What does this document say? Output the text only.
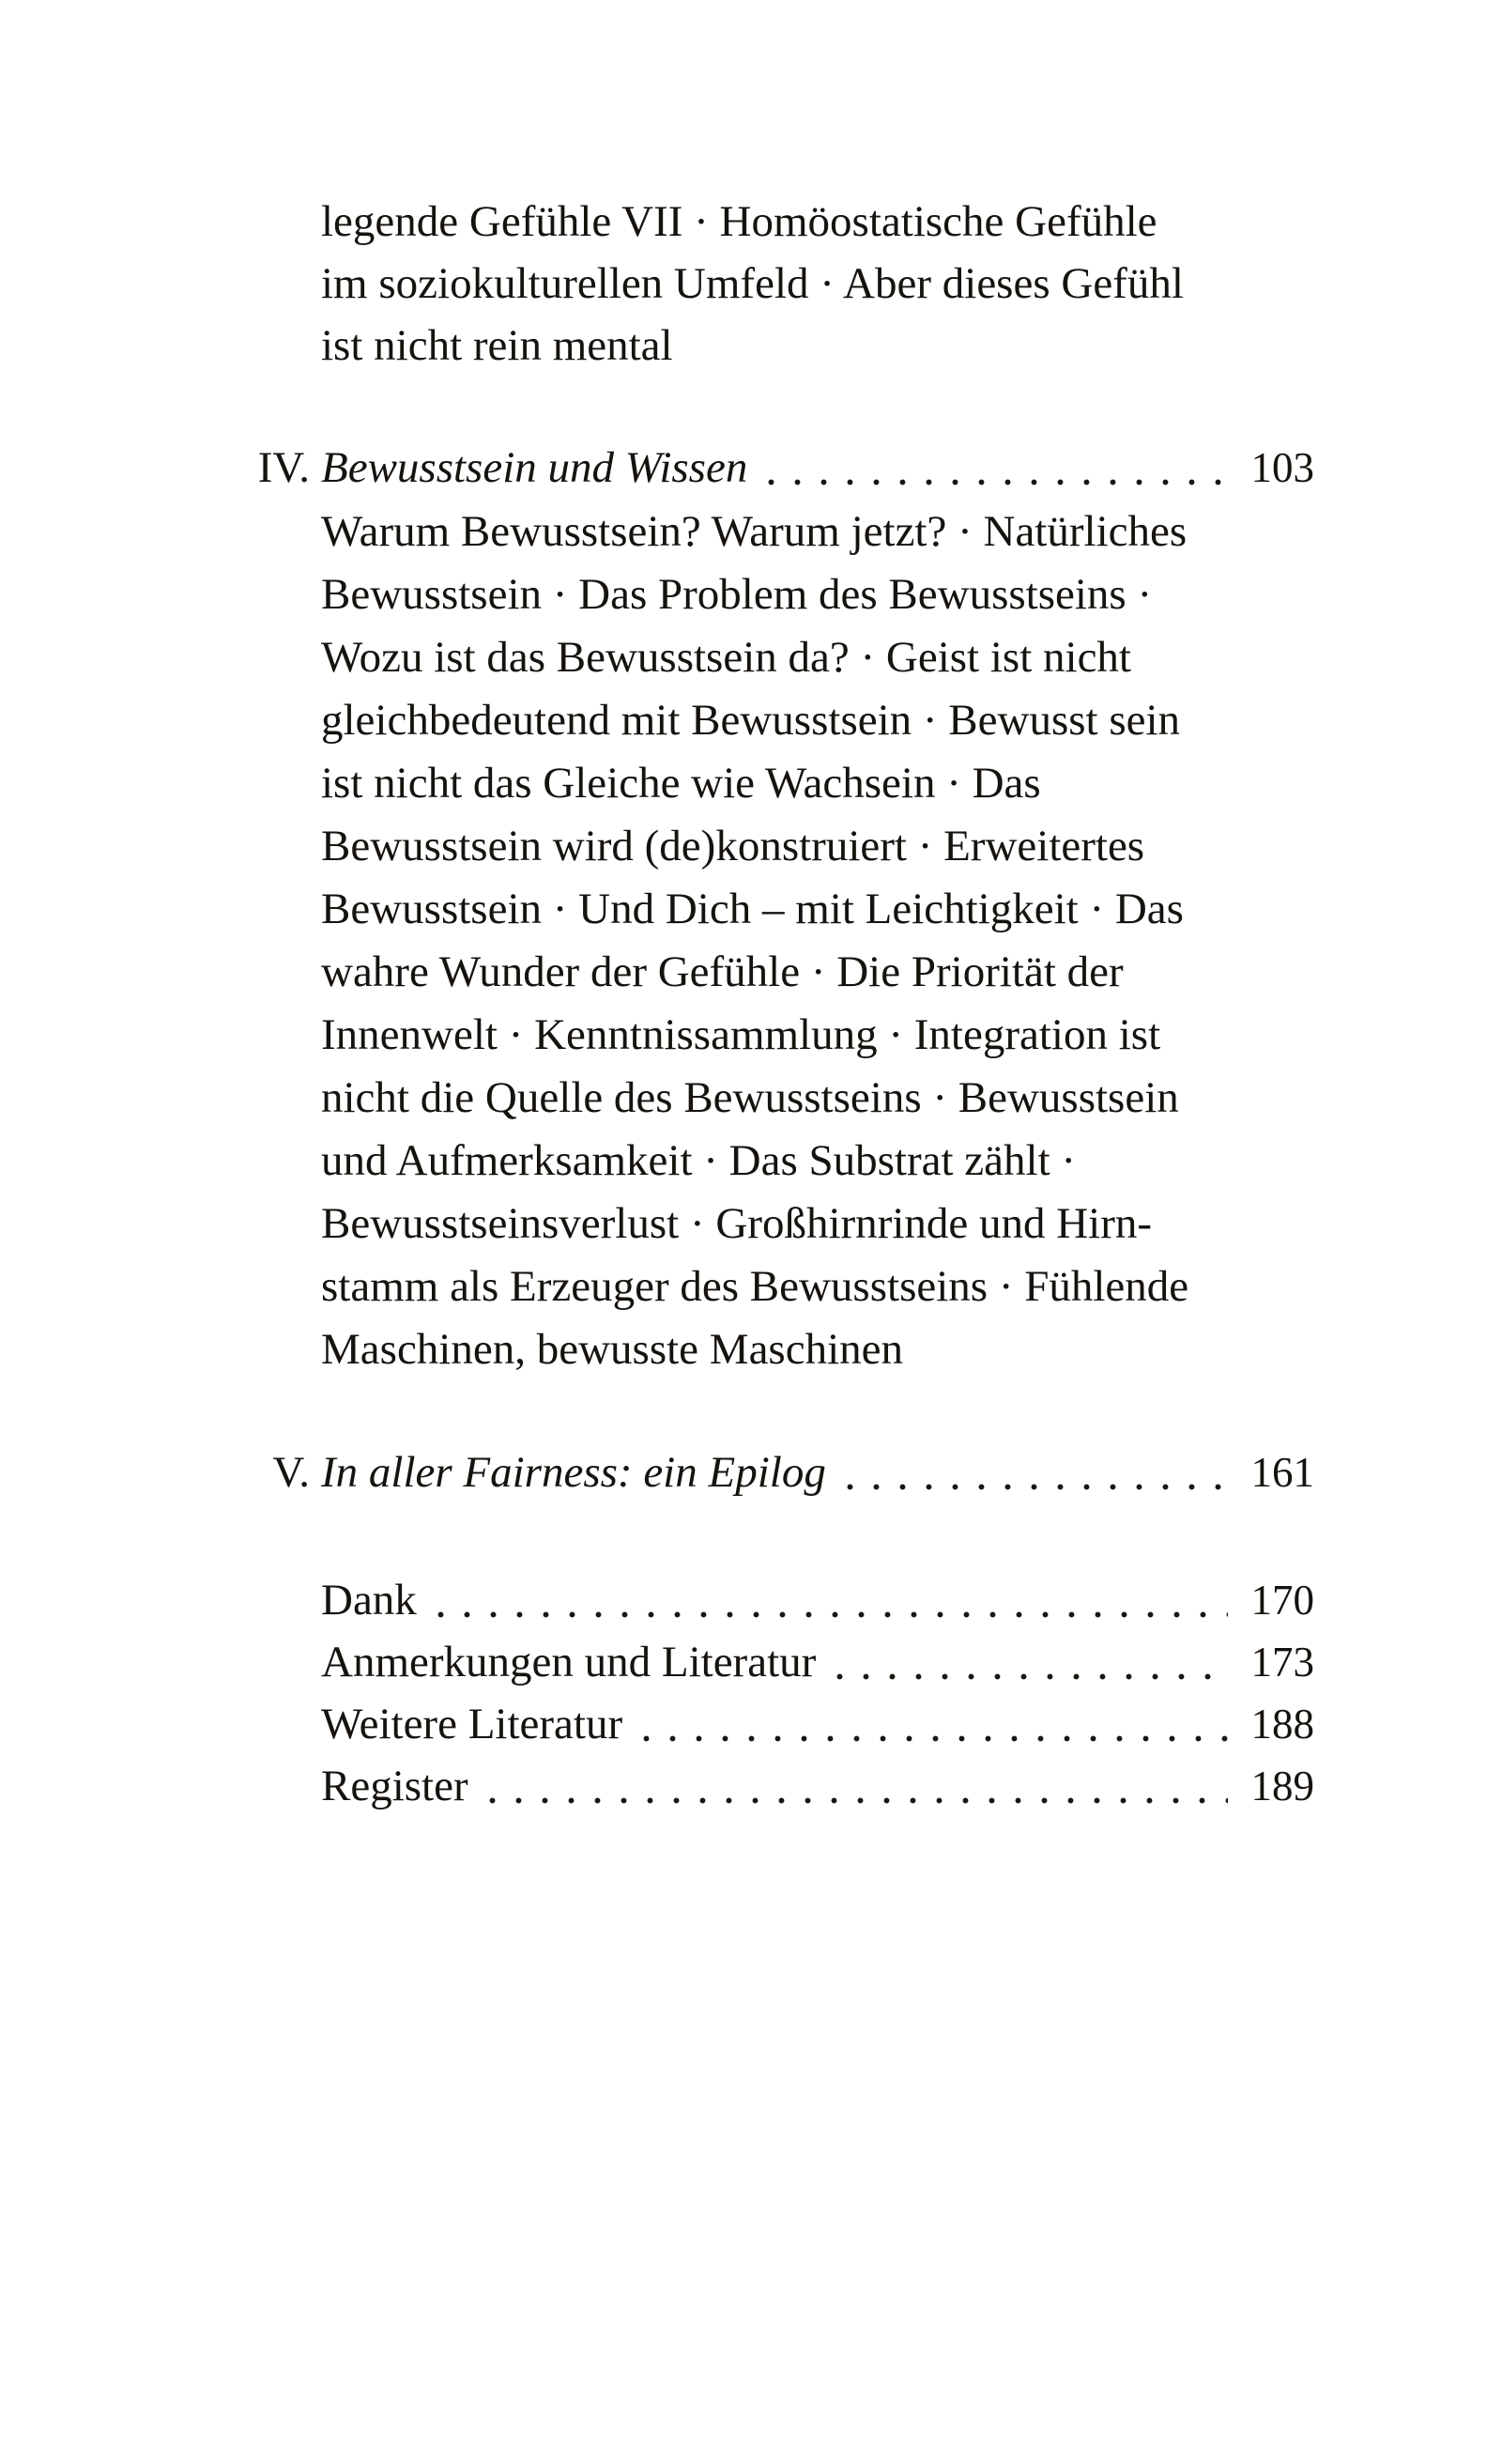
legende Gefühle VII · Homöostatische Gefühle
im soziokulturellen Umfeld · Aber dieses Gefühl
ist nicht rein mental
IV. Bewusstsein und Wissen	103
Warum Bewusstsein? Warum jetzt? · Natürliches
Bewusstsein · Das Problem des Bewusstseins ·
Wozu ist das Bewusstsein da? · Geist ist nicht
gleichbedeutend mit Bewusstsein · Bewusst sein
ist nicht das Gleiche wie Wachsein · Das
Bewusstsein wird (de)konstruiert · Erweitertes
Bewusstsein · Und Dich – mit Leichtigkeit · Das
wahre Wunder der Gefühle · Die Priorität der
Innenwelt · Kenntnissammlung · Integration ist
nicht die Quelle des Bewusstseins · Bewusstsein
und Aufmerksamkeit · Das Substrat zählt ·
Bewusstseinsverlust · Großhirnrinde und Hirn-
stamm als Erzeuger des Bewusstseins · Fühlende
Maschinen, bewusste Maschinen
V. In aller Fairness: ein Epilog	161
Dank	170
Anmerkungen und Literatur	173
Weitere Literatur	188
Register	189
